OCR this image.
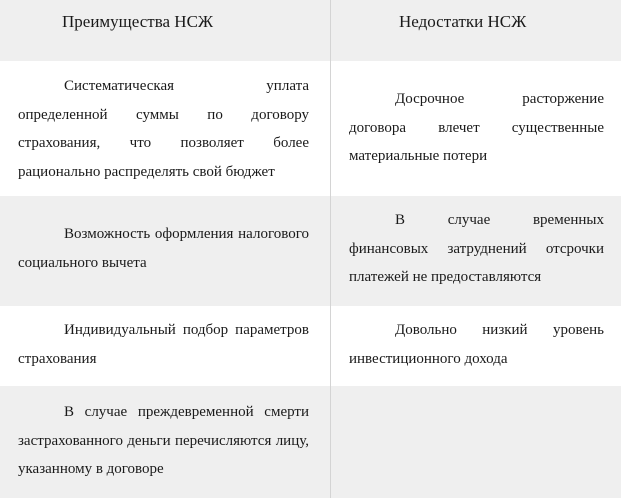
Преимущества НСЖ	Недостатки НСЖ

Систематическая уплата определенной суммы по договору страхования, что позволяет более рационально распределять свой бюджет

Досрочное расторжение договора влечет существенные материальные потери

Возможность оформления налогового социального вычета

В случае временных финансовых затруднений отсрочки платежей не предоставляются

Индивидуальный подбор параметров страхования

Довольно низкий уровень инвестиционного дохода

В случае преждевременной смерти застрахованного деньги перечисляются лицу, указанному в договоре
